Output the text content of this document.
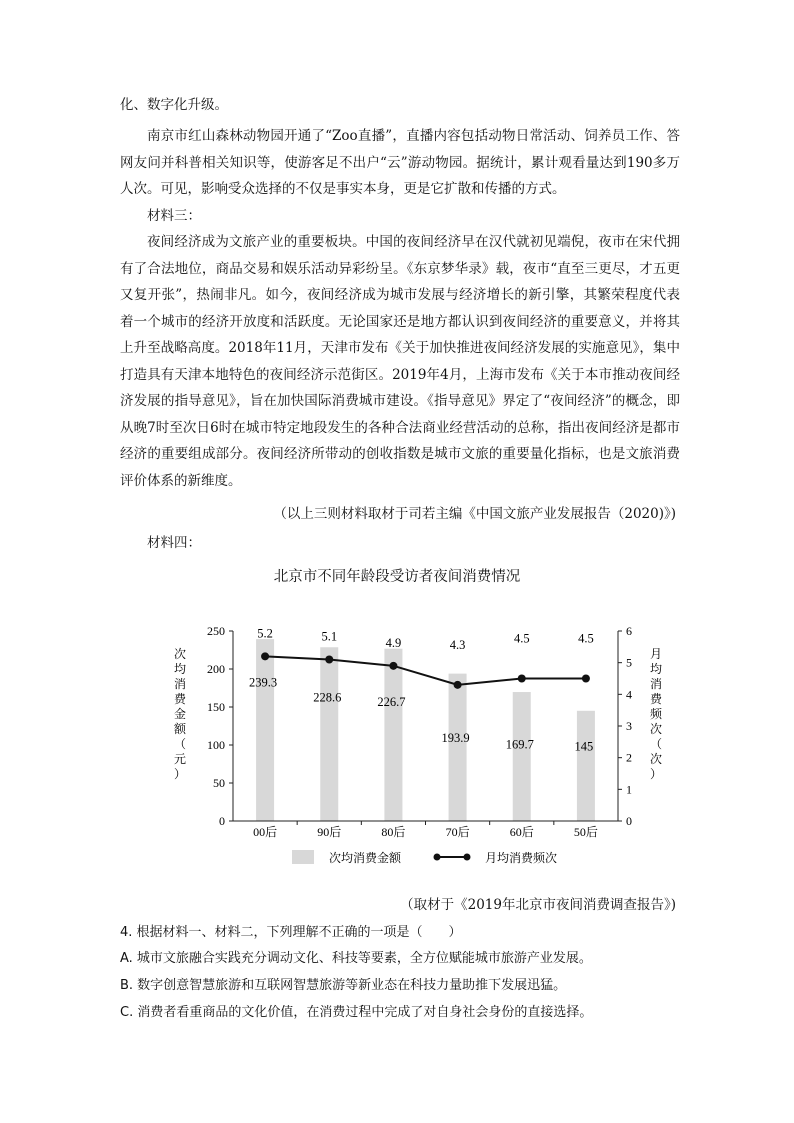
化、数字化升级。

南京市红山森林动物园开通了“Zoo直播”，直播内容包括动物日常活动、饲养员工作、答网友问并科普相关知识等，使游客足不出户“云”游动物园。据统计，累计观看量达到190多万人次。可见，影响受众选择的不仅是事实本身，更是它扩散和传播的方式。

材料三：

夜间经济成为文旅产业的重要板块。中国的夜间经济早在汉代就初见端倪，夜市在宋代拥有了合法地位，商品交易和娱乐活动异彩纷呈。《东京梦华录》载，夜市“直至三更尽，才五更又复开张”，热闹非凡。如今，夜间经济成为城市发展与经济增长的新引擎，其繁荣程度代表着一个城市的经济开放度和活跃度。无论国家还是地方都认识到夜间经济的重要意义，并将其上升至战略高度。2018年11月，天津市发布《关于加快推进夜间经济发展的实施意见》，集中打造具有天津本地特色的夜间经济示范街区。2019年4月，上海市发布《关于本市推动夜间经济发展的指导意见》，旨在加快国际消费城市建设。《指导意见》界定了“夜间经济”的概念，即从晚7时至次日6时在城市特定地段发生的各种合法商业经营活动的总称，指出夜间经济是都市经济的重要组成部分。夜间经济所带动的创收指数是城市文旅的重要量化指标，也是文旅消费评价体系的新维度。

（以上三则材料取材于司若主编《中国文旅产业发展报告（2020)》)

材料四：

北京市不同年龄段受访者夜间消费情况
0
50
100
150
200
250
0
1
2
3
4
5
6
00后	90后	80后	70后	60后	50后
239.3
228.6	226.7
193.9	169.7	145
5.2	5.1	4.9	4.3	4.5	4.5
次均消费金额（元）
月均消费频次（次）
次均消费金额	月均消费频次
（取材于《2019年北京市夜间消费调查报告》)

4. 根据材料一、材料二，下列理解不正确的一项是（　　）

A. 城市文旅融合实践充分调动文化、科技等要素，全方位赋能城市旅游产业发展。

B. 数字创意智慧旅游和互联网智慧旅游等新业态在科技力量助推下发展迅猛。

C. 消费者看重商品的文化价值，在消费过程中完成了对自身社会身份的直接选择。
